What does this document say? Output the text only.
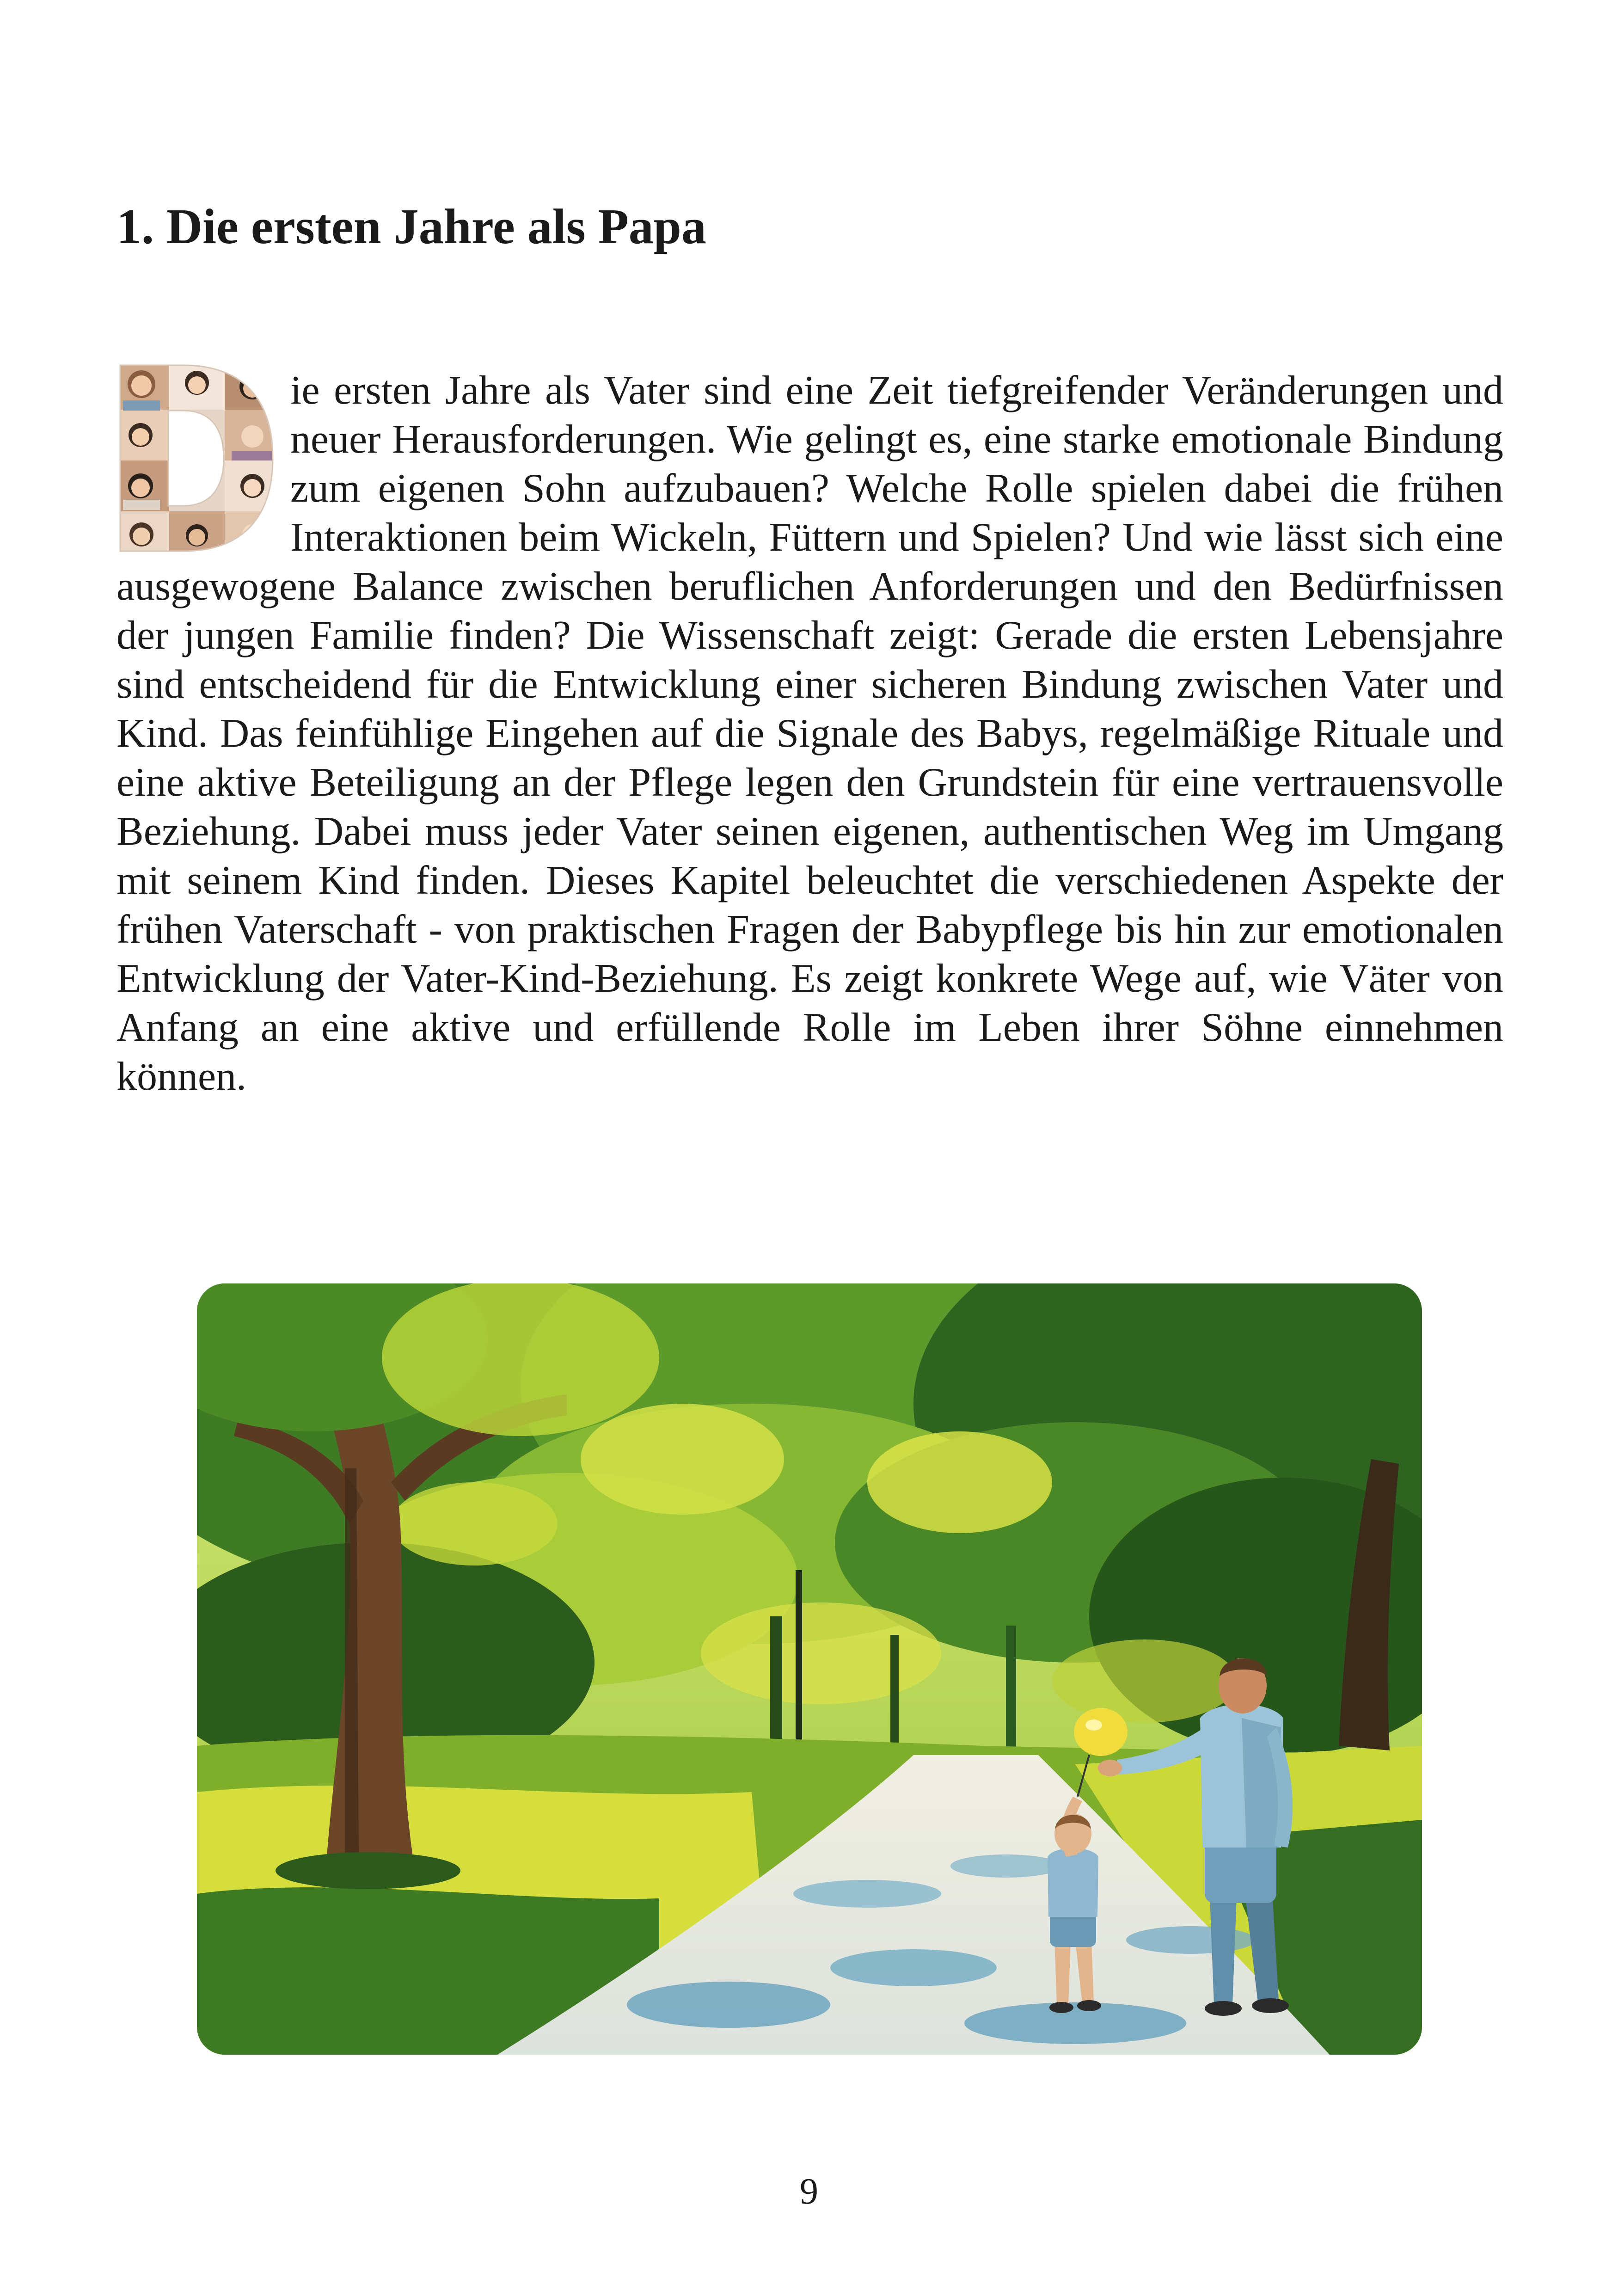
1. Die ersten Jahre als Papa

ie ersten Jahre als Vater sind eine Zeit tiefgreifender Veränderungen und neuer Herausforderungen. Wie gelingt es, eine starke emotionale Bindung zum eigenen Sohn aufzubauen? Welche Rolle spielen dabei die frühen Interaktionen beim Wickeln, Füttern und Spielen? Und wie lässt sich eine ausgewogene Balance zwischen beruflichen Anforderungen und den Bedürfnissen der jungen Familie finden? Die Wissenschaft zeigt: Gerade die ersten Lebensjahre sind entscheidend für die Entwicklung einer sicheren Bindung zwischen Vater und Kind. Das feinfühlige Eingehen auf die Signale des Babys, regelmäßige Rituale und eine aktive Beteiligung an der Pflege legen den Grundstein für eine vertrauensvolle Beziehung. Dabei muss jeder Vater seinen eigenen, authentischen Weg im Umgang mit seinem Kind finden. Dieses Kapitel beleuchtet die verschiedenen Aspekte der frühen Vaterschaft - von praktischen Fragen der Babypflege bis hin zur emotionalen Entwicklung der Vater-Kind-Beziehung. Es zeigt konkrete Wege auf, wie Väter von Anfang an eine aktive und erfüllende Rolle im Leben ihrer Söhne einnehmen können.

9
